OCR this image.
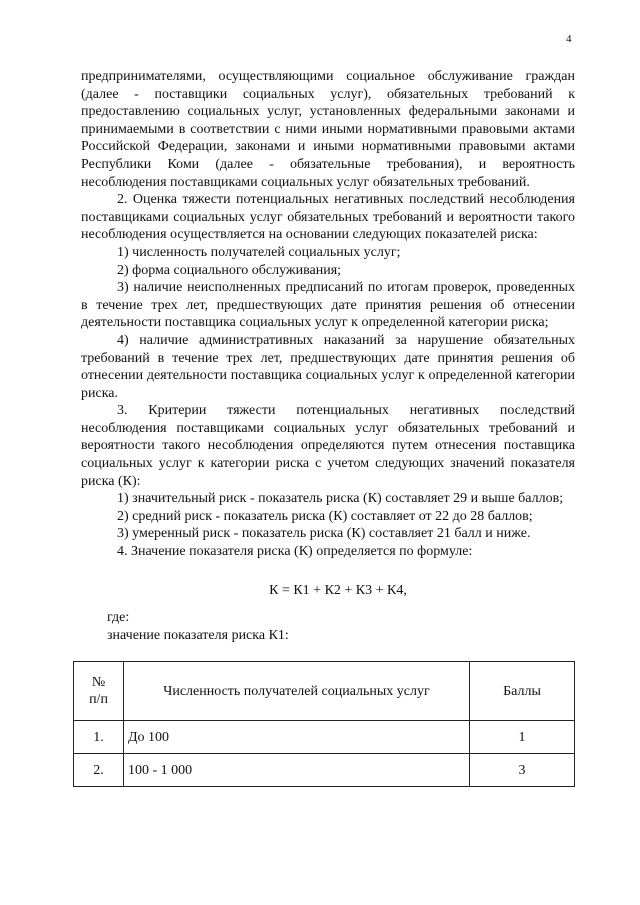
4

предпринимателями, осуществляющими социальное обслуживание граждан (далее - поставщики социальных услуг), обязательных требований к предоставлению социальных услуг, установленных федеральными законами и принимаемыми в соответствии с ними иными нормативными правовыми актами Российской Федерации, законами и иными нормативными правовыми актами Республики Коми (далее - обязательные требования), и вероятность несоблюдения поставщиками социальных услуг обязательных требований.

2. Оценка тяжести потенциальных негативных последствий несоблюдения поставщиками социальных услуг обязательных требований и вероятности такого несоблюдения осуществляется на основании следующих показателей риска:

1) численность получателей социальных услуг;

2) форма социального обслуживания;

3) наличие неисполненных предписаний по итогам проверок, проведенных в течение трех лет, предшествующих дате принятия решения об отнесении деятельности поставщика социальных услуг к определенной категории риска;

4) наличие административных наказаний за нарушение обязательных требований в течение трех лет, предшествующих дате принятия решения об отнесении деятельности поставщика социальных услуг к определенной категории риска.

3. Критерии тяжести потенциальных негативных последствий несоблюдения поставщиками социальных услуг обязательных требований и вероятности такого несоблюдения определяются путем отнесения поставщика социальных услуг к категории риска с учетом следующих значений показателя риска (К):

1) значительный риск - показатель риска (К) составляет 29 и выше баллов;

2) средний риск - показатель риска (К) составляет от 22 до 28 баллов;

3) умеренный риск - показатель риска (К) составляет 21 балл и ниже.

4. Значение показателя риска (К) определяется по формуле:

К = К1 + К2 + К3 + К4,

где:

значение показателя риска К1:

№
п/п	Численность получателей социальных услуг	Баллы
1.	До 100	1
2.	100 - 1 000	3
